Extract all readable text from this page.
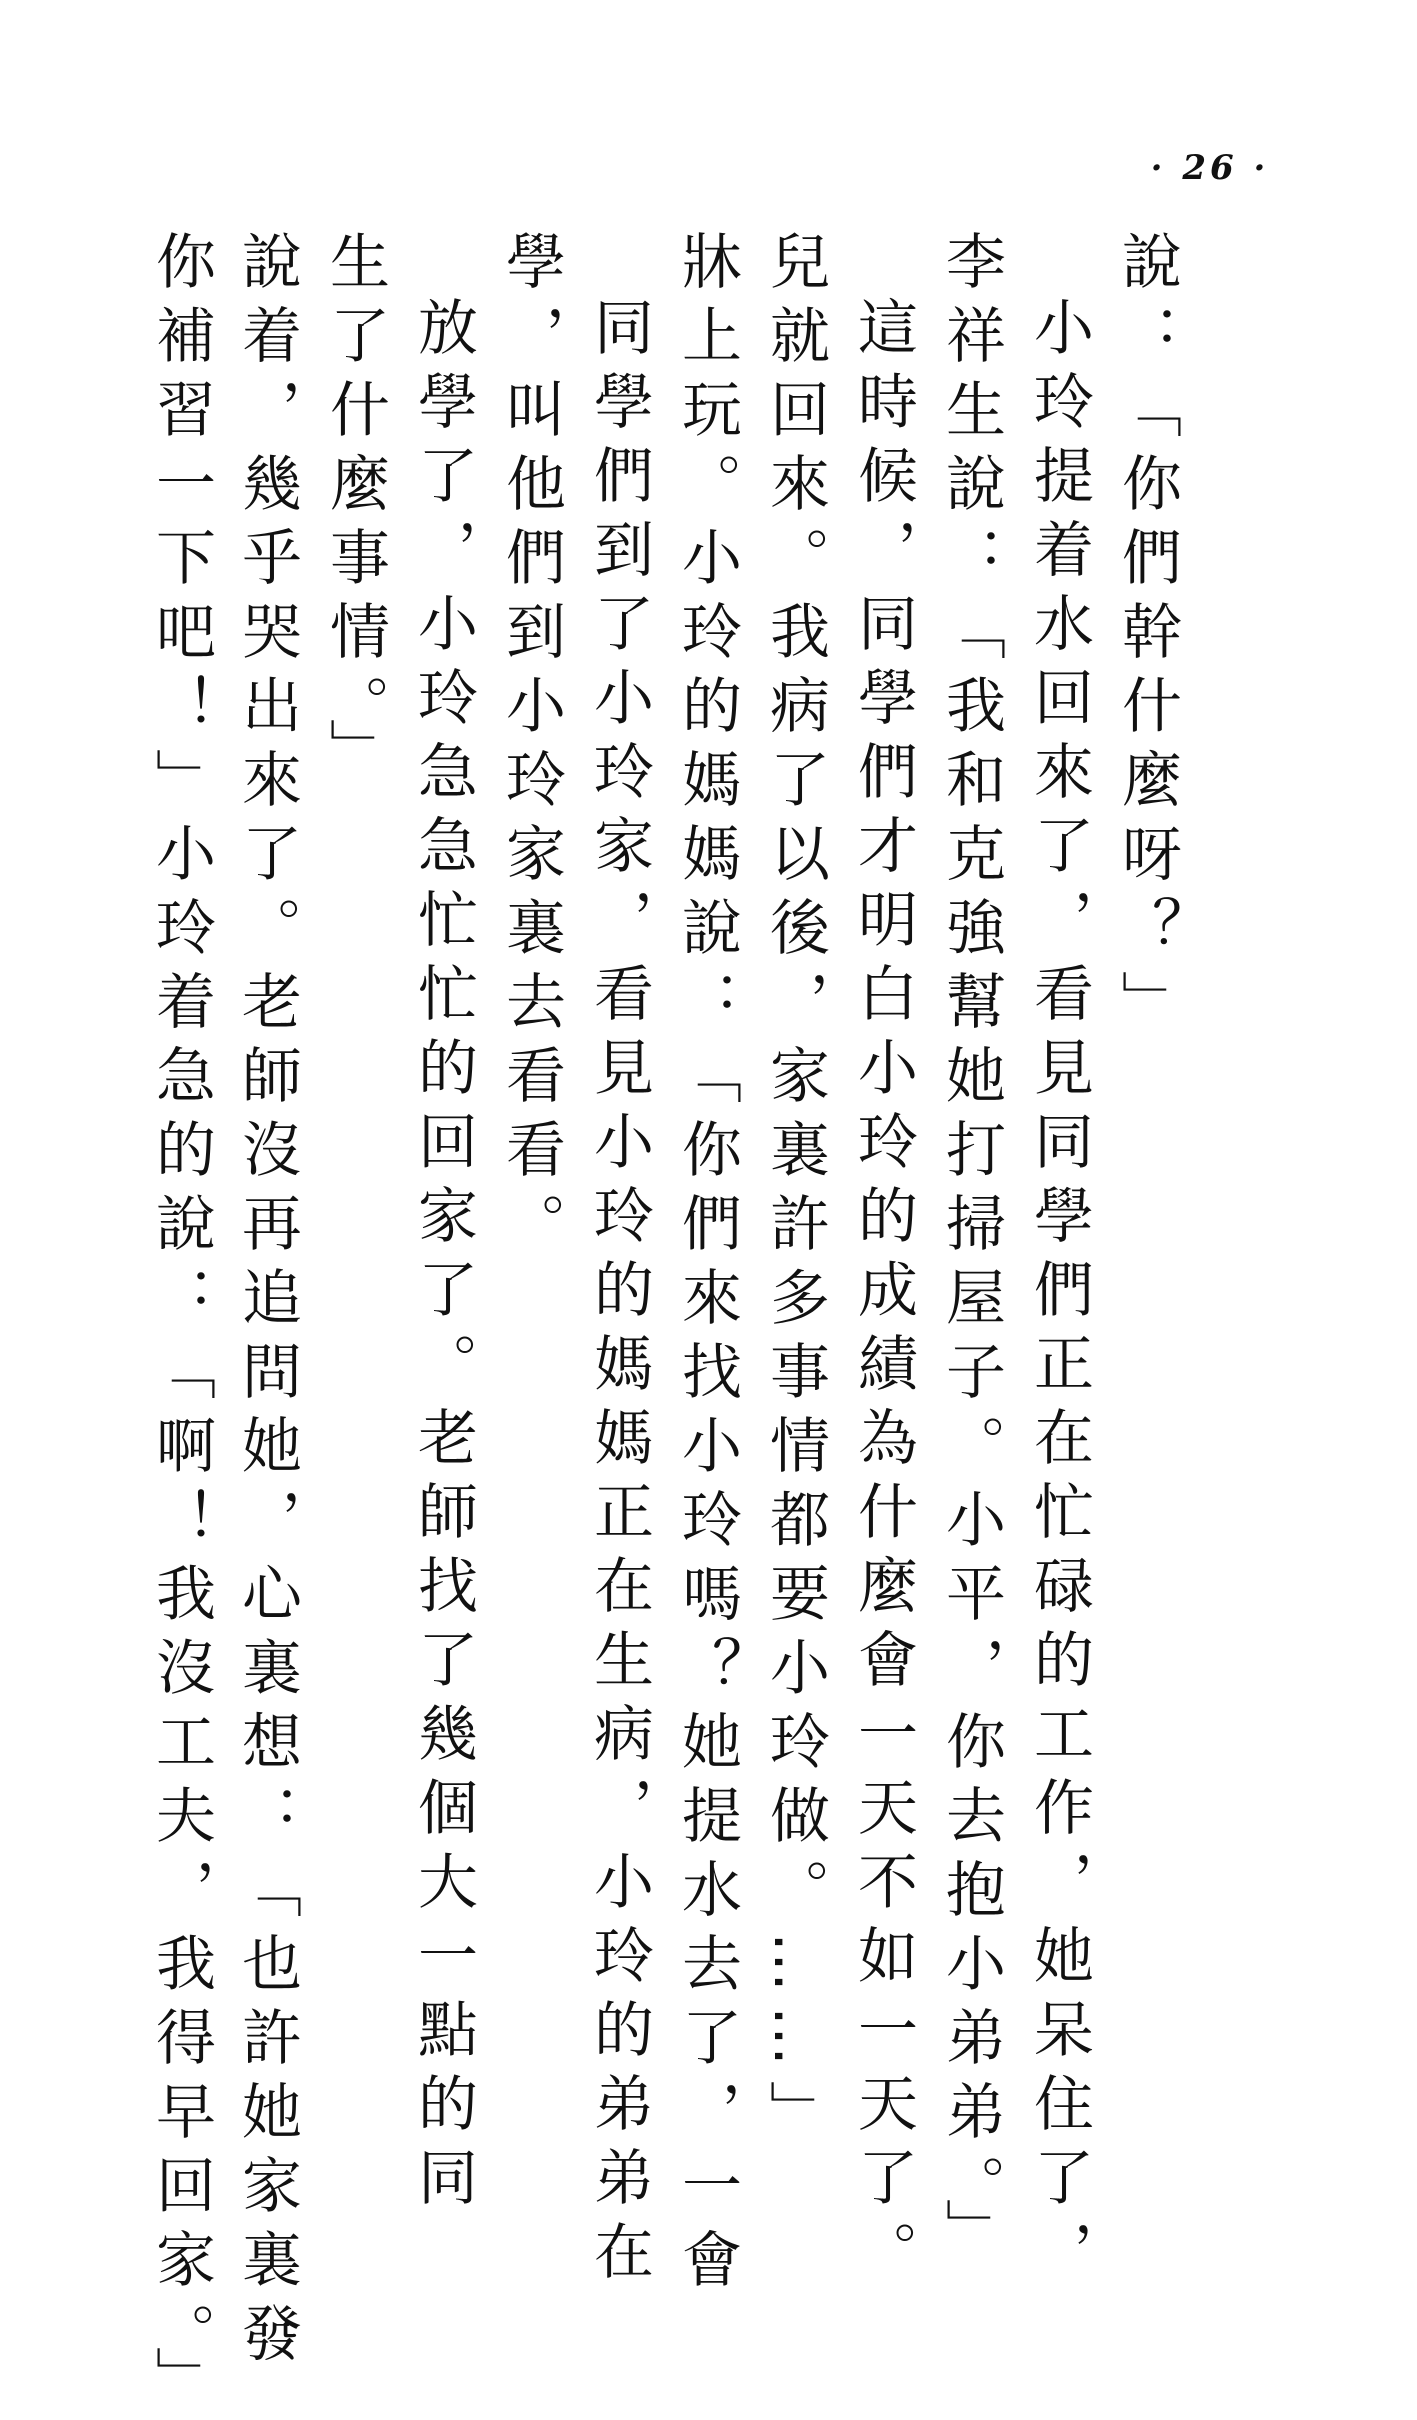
· 26 ·
你補習一下吧！」小玲着急的說：「啊！我沒工夫，我得早回家。」 說着，幾乎哭出來了。老師沒再追問她，心裏想：「也許她家裏發 生了什麼事情。」 放學了，小玲急急忙忙的回家了。老師找了幾個大一點的同 學，叫他們到小玲家裏去看看。 同學們到了小玲家，看見小玲的媽媽正在生病，小玲的弟弟在 牀上玩。小玲的媽媽說：「你們來找小玲嗎？她提水去了，一會 兒就回來。我病了以後，家裏許多事情都要小玲做。……」 這時候，同學們才明白小玲的成績為什麼會一天不如一天了。 李祥生說：「我和克強幫她打掃屋子。小平，你去抱小弟弟。」 小玲提着水回來了，看見同學們正在忙碌的工作，她呆住了， 說：「你們幹什麼呀？」
